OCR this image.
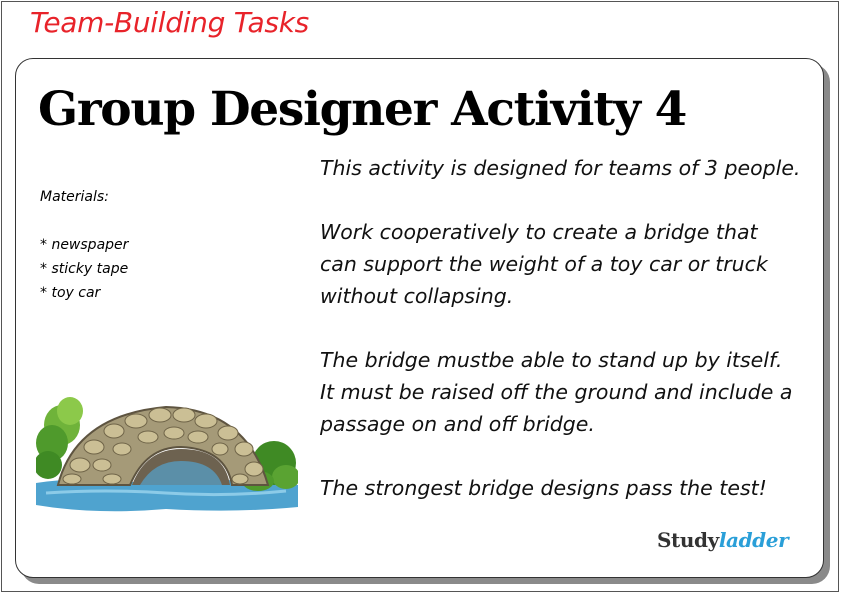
Team-Building Tasks
Group Designer Activity 4
Materials:
* newspaper
* sticky tape
* toy car

This activity is designed for teams of 3 people.

Work cooperatively to create a bridge that

can support the weight of a toy car or truck

without collapsing.

The bridge mustbe able to stand up by itself.

It must be raised off the ground and include a

passage on and off bridge.

The strongest bridge designs pass the test!

Studyladder
